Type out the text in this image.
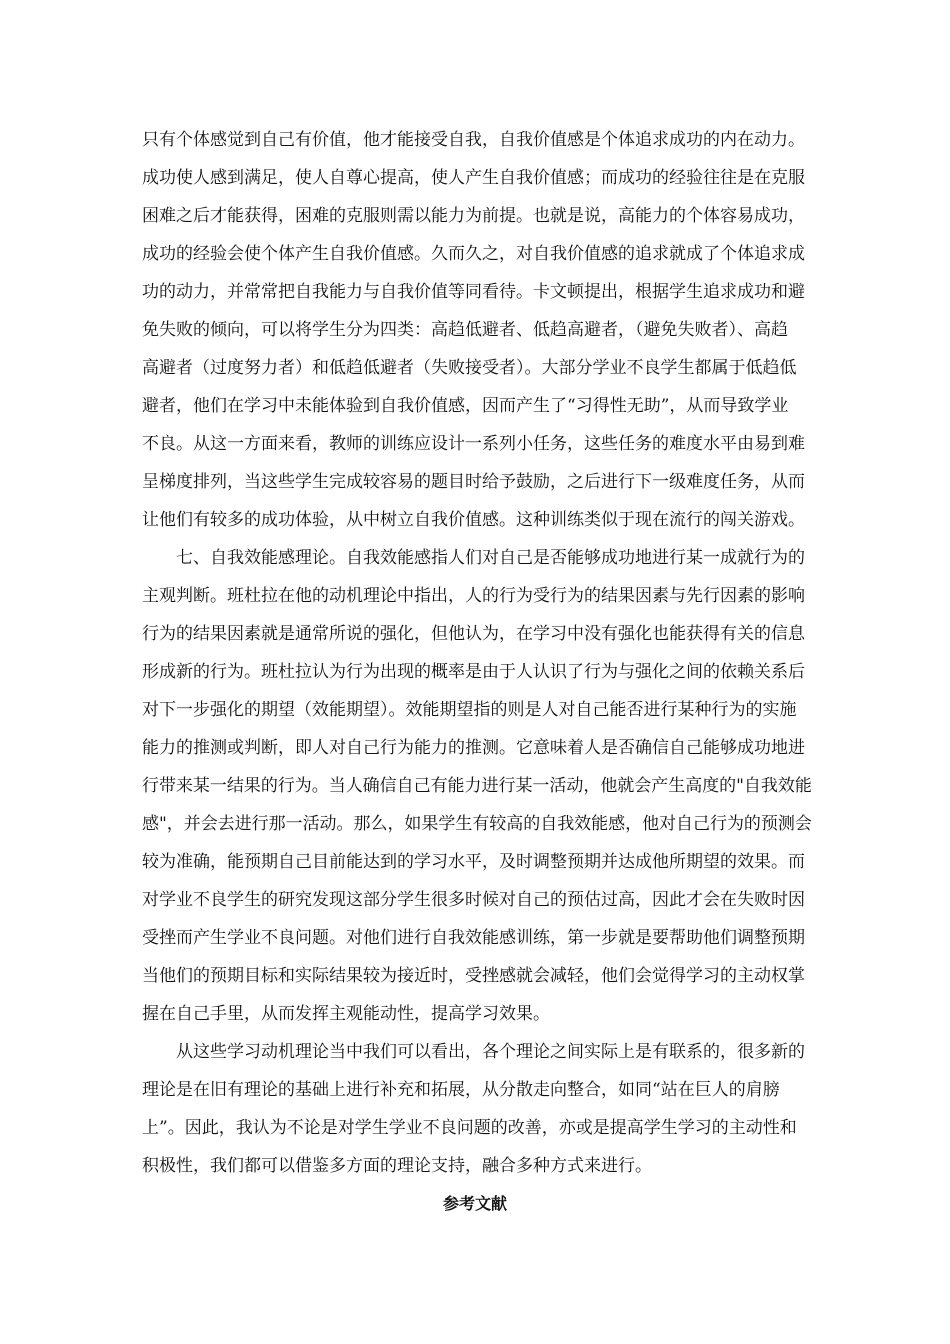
只有个体感觉到自己有价值，他才能接受自我，自我价值感是个体追求成功的内在动力。
成功使人感到满足，使人自尊心提高，使人产生自我价值感；而成功的经验往往是在克服
困难之后才能获得，困难的克服则需以能力为前提。也就是说，高能力的个体容易成功，
成功的经验会使个体产生自我价值感。久而久之，对自我价值感的追求就成了个体追求成
功的动力，并常常把自我能力与自我价值等同看待。卡文顿提出，根据学生追求成功和避
免失败的倾向，可以将学生分为四类：高趋低避者、低趋高避者，（避免失败者）、高趋
高避者（过度努力者）和低趋低避者（失败接受者）。大部分学业不良学生都属于低趋低
避者，他们在学习中未能体验到自我价值感，因而产生了“习得性无助”，从而导致学业
不良。从这一方面来看，教师的训练应设计一系列小任务，这些任务的难度水平由易到难
呈梯度排列，当这些学生完成较容易的题目时给予鼓励，之后进行下一级难度任务，从而
让他们有较多的成功体验，从中树立自我价值感。这种训练类似于现在流行的闯关游戏。
七、自我效能感理论。自我效能感指人们对自己是否能够成功地进行某一成就行为的
主观判断。班杜拉在他的动机理论中指出，人的行为受行为的结果因素与先行因素的影响
行为的结果因素就是通常所说的强化，但他认为，在学习中没有强化也能获得有关的信息
形成新的行为。班杜拉认为行为出现的概率是由于人认识了行为与强化之间的依赖关系后
对下一步强化的期望（效能期望）。效能期望指的则是人对自己能否进行某种行为的实施
能力的推测或判断，即人对自己行为能力的推测。它意味着人是否确信自己能够成功地进
行带来某一结果的行为。当人确信自己有能力进行某一活动，他就会产生高度的"自我效能
感"，并会去进行那一活动。那么，如果学生有较高的自我效能感，他对自己行为的预测会
较为准确，能预期自己目前能达到的学习水平，及时调整预期并达成他所期望的效果。而
对学业不良学生的研究发现这部分学生很多时候对自己的预估过高，因此才会在失败时因
受挫而产生学业不良问题。对他们进行自我效能感训练，第一步就是要帮助他们调整预期
当他们的预期目标和实际结果较为接近时，受挫感就会减轻，他们会觉得学习的主动权掌
握在自己手里，从而发挥主观能动性，提高学习效果。
从这些学习动机理论当中我们可以看出，各个理论之间实际上是有联系的，很多新的
理论是在旧有理论的基础上进行补充和拓展，从分散走向整合，如同“站在巨人的肩膀
上”。因此，我认为不论是对学生学业不良问题的改善，亦或是提高学生学习的主动性和
积极性，我们都可以借鉴多方面的理论支持，融合多种方式来进行。
参考文献
